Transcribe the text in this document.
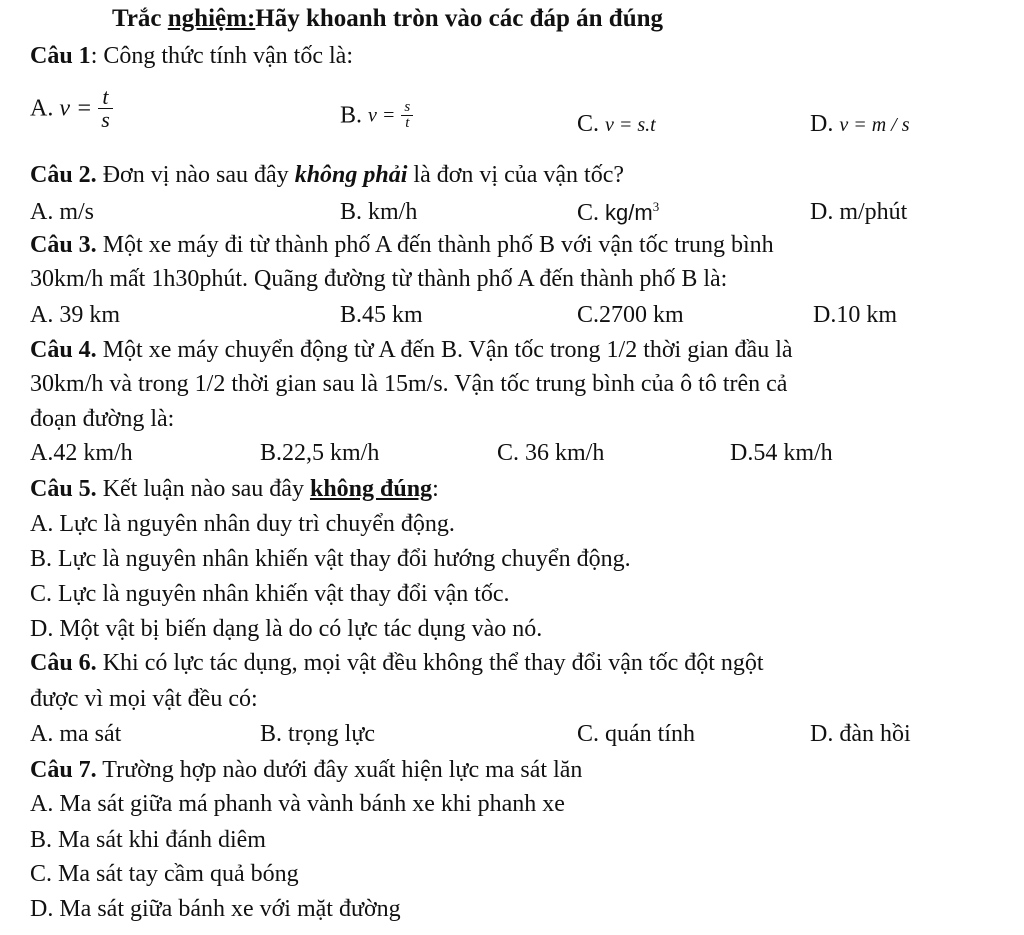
Trắc nghiệm:Hãy khoanh tròn vào các đáp án đúng
Câu 1: Công thức tính vận tốc là:
A. $v = \frac{t}{s}$	B. $v = \frac{s}{t}$	C. v = s.t	D. v = m / s
Câu 2. Đơn vị nào sau đây không phải là đơn vị của vận tốc?
A. m/s	B. km/h	C. $kg/m^3$	D. m/phút
Câu 3. Một xe máy đi từ thành phố A đến thành phố B với vận tốc trung bình
30km/h mất 1h30phút. Quãng đường từ thành phố A đến thành phố B là:
A. 39 km	B.45 km	C.2700 km	D.10 km
Câu 4. Một xe máy chuyển động từ A đến B. Vận tốc trong 1/2 thời gian đầu là
30km/h và trong 1/2 thời gian sau là 15m/s. Vận tốc trung bình của ô tô trên cả
đoạn đường là:
A.42 km/h	B.22,5 km/h	C. 36 km/h	D.54 km/h
Câu 5. Kết luận nào sau đây không đúng:
A. Lực là nguyên nhân duy trì chuyển động.
B. Lực là nguyên nhân khiến vật thay đổi hướng chuyển động.
C. Lực là nguyên nhân khiến vật thay đổi vận tốc.
D. Một vật bị biến dạng là do có lực tác dụng vào nó.
Câu 6. Khi có lực tác dụng, mọi vật đều không thể thay đổi vận tốc đột ngột
được vì mọi vật đều có:
A. ma sát	B. trọng lực	C. quán tính	D. đàn hồi
Câu 7. Trường hợp nào dưới đây xuất hiện lực ma sát lăn
A. Ma sát giữa má phanh và vành bánh xe khi phanh xe
B. Ma sát khi đánh diêm
C. Ma sát tay cầm quả bóng
D. Ma sát giữa bánh xe với mặt đường
